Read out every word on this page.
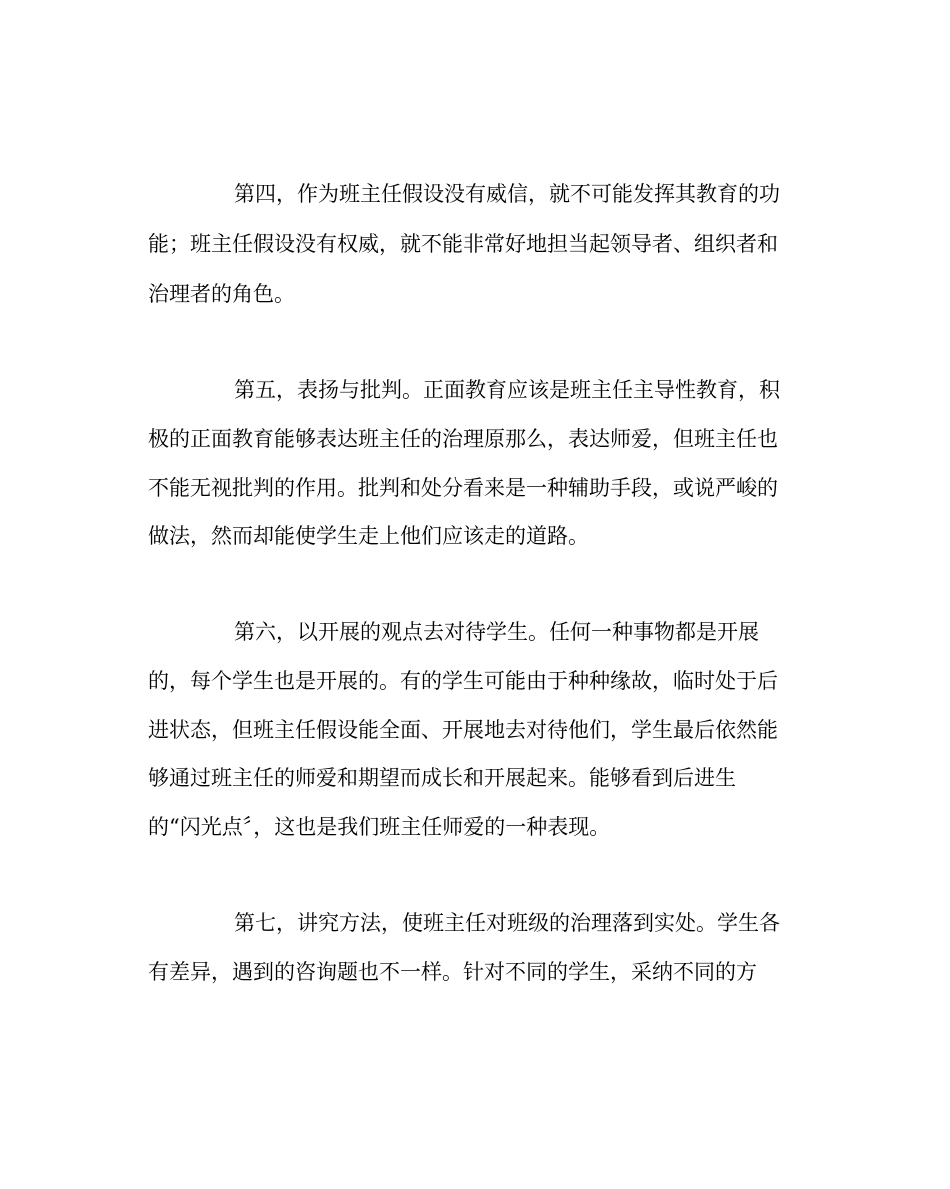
第四，作为班主任假设没有威信，就不可能发挥其教育的功
能；班主任假设没有权威，就不能非常好地担当起领导者、组织者和
治理者的角色。
第五，表扬与批判。正面教育应该是班主任主导性教育，积
极的正面教育能够表达班主任的治理原那么，表达师爱，但班主任也
不能无视批判的作用。批判和处分看来是一种辅助手段，或说严峻的
做法，然而却能使学生走上他们应该走的道路。
第六，以开展的观点去对待学生。任何一种事物都是开展
的，每个学生也是开展的。有的学生可能由于种种缘故，临时处于后
进状态，但班主任假设能全面、开展地去对待他们，学生最后依然能
够通过班主任的师爱和期望而成长和开展起来。能够看到后进生
的“闪光点〞，这也是我们班主任师爱的一种表现。
第七，讲究方法，使班主任对班级的治理落到实处。学生各
有差异，遇到的咨询题也不一样。针对不同的学生，采纳不同的方
